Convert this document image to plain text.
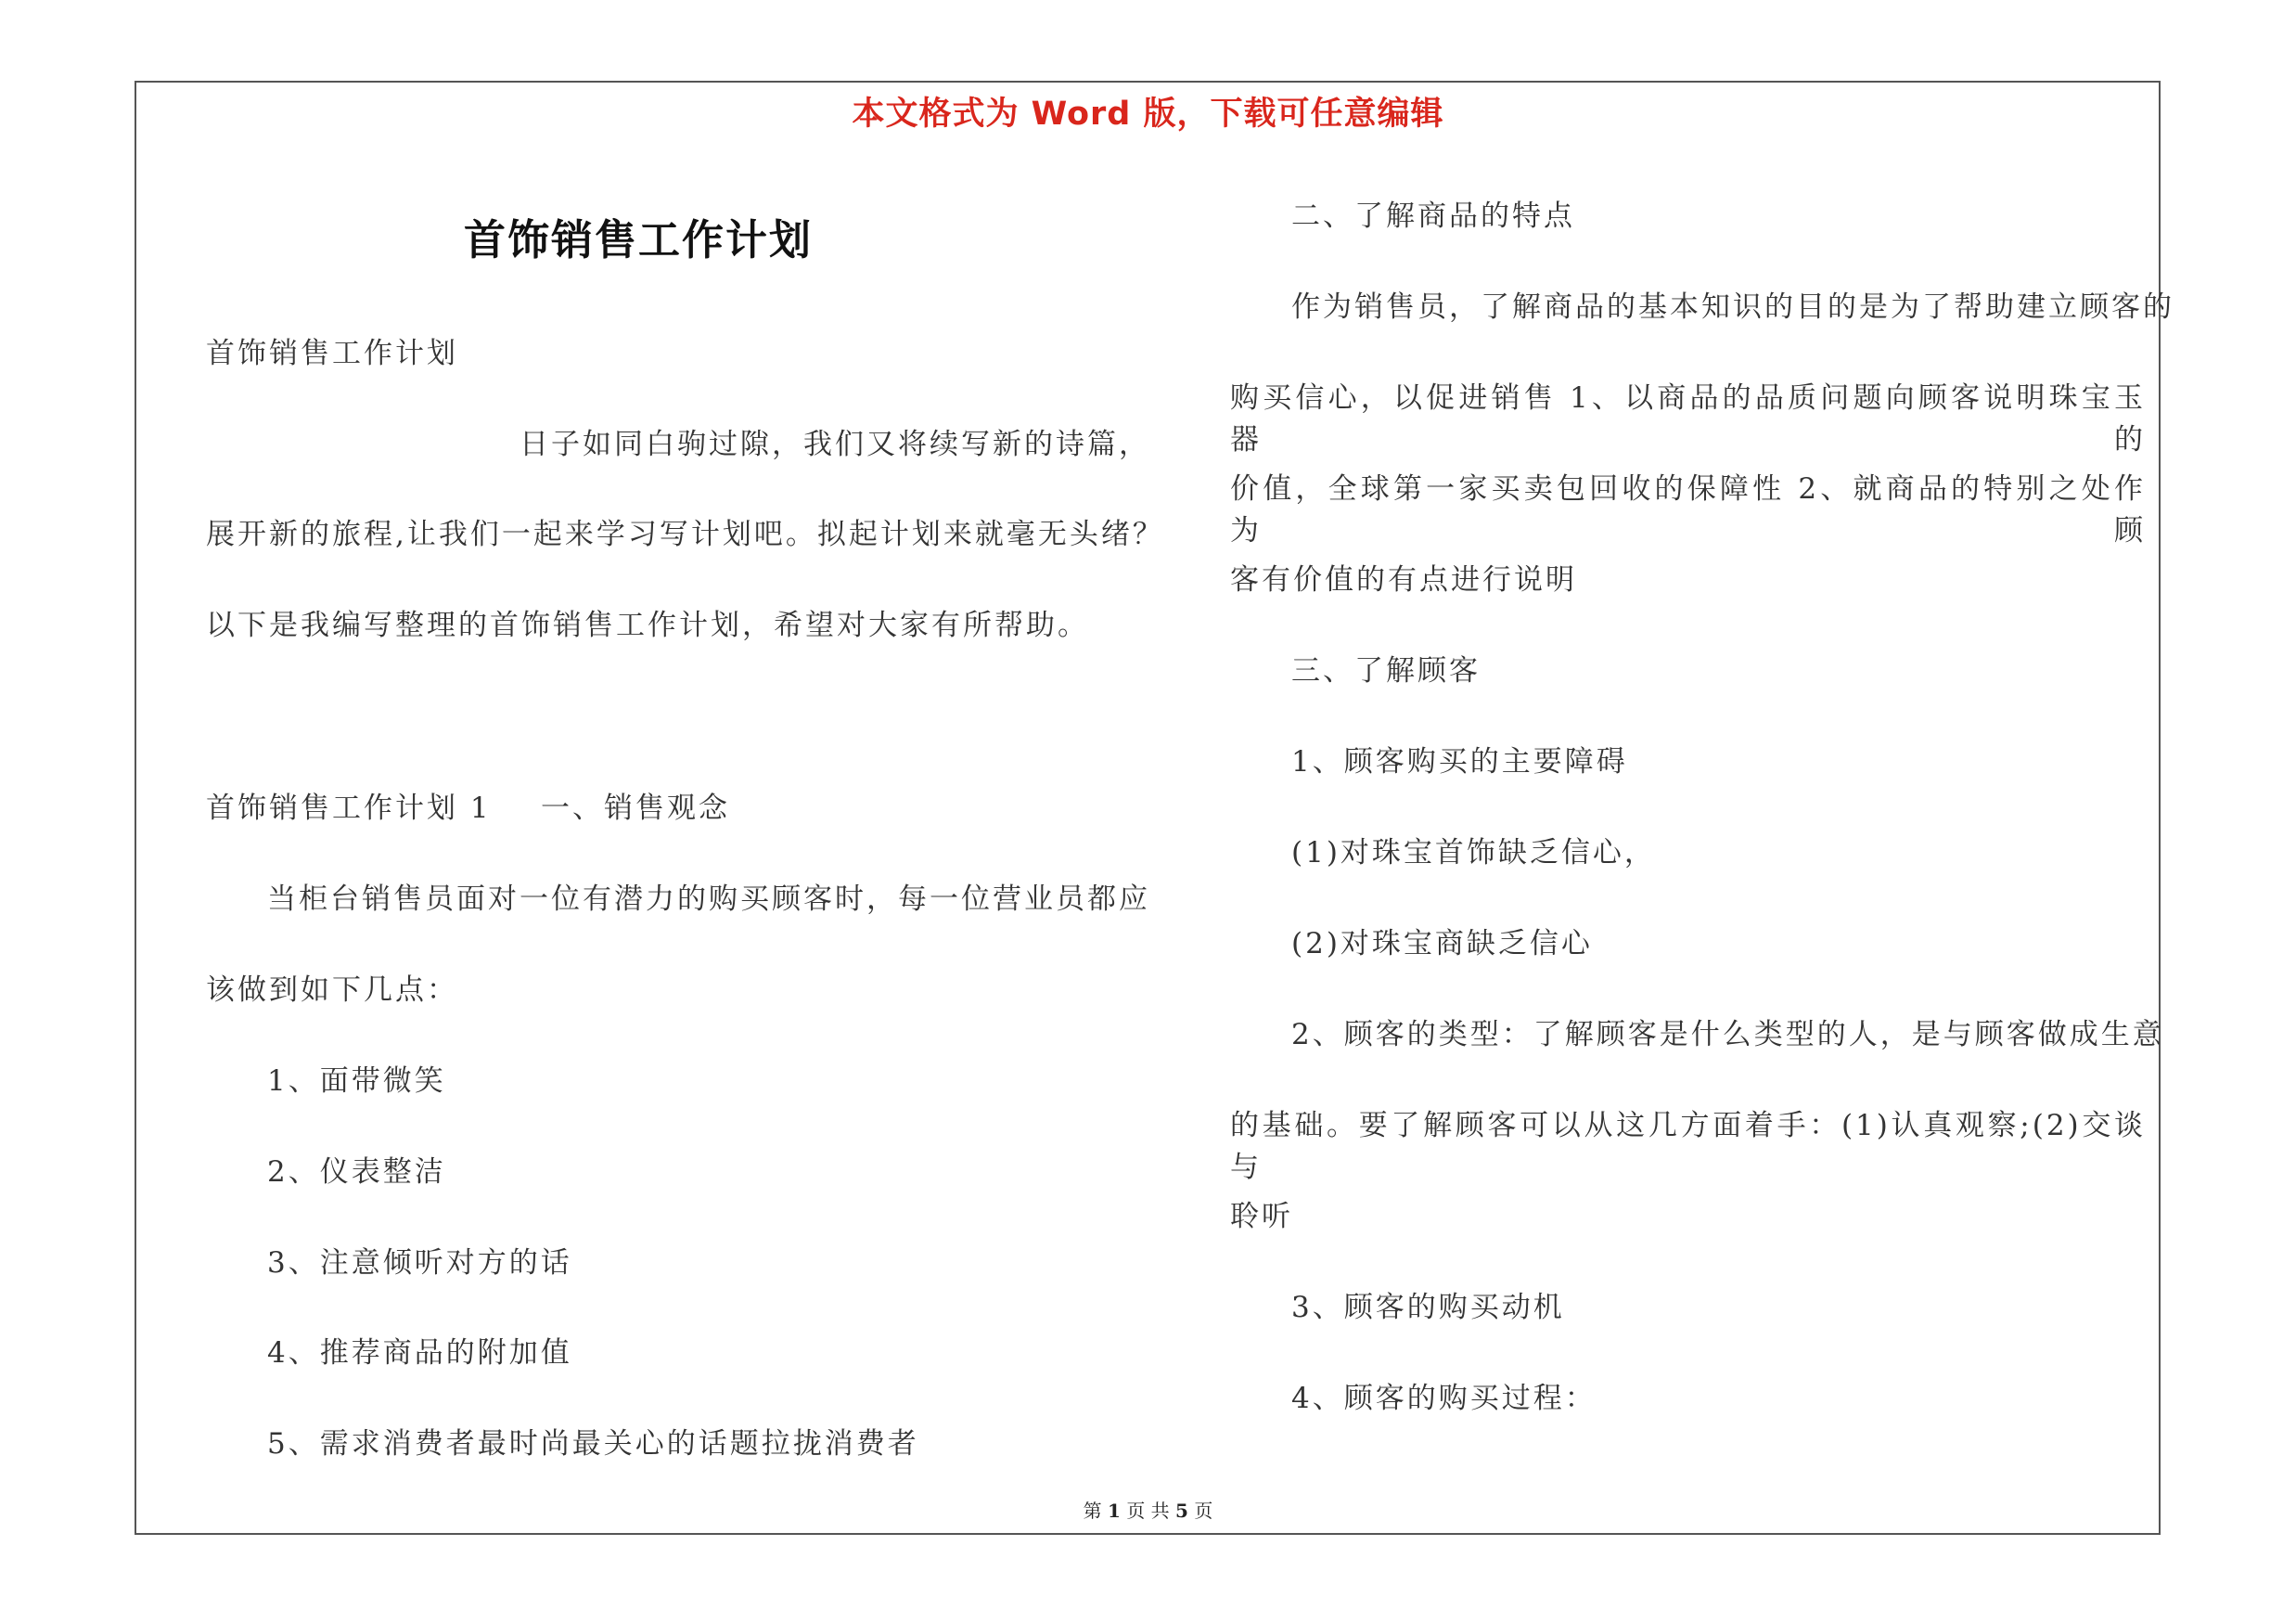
本文格式为 Word 版，下载可任意编辑
首饰销售工作计划
首饰销售工作计划
日子如同白驹过隙，我们又将续写新的诗篇，
展开新的旅程,让我们一起来学习写计划吧。拟起计划来就毫无头绪？
以下是我编写整理的首饰销售工作计划，希望对大家有所帮助。
首饰销售工作计划 1 一、销售观念
当柜台销售员面对一位有潜力的购买顾客时，每一位营业员都应
该做到如下几点：
1、面带微笑
2、仪表整洁
3、注意倾听对方的话
4、推荐商品的附加值
5、需求消费者最时尚最关心的话题拉拢消费者
二、了解商品的特点
作为销售员，了解商品的基本知识的目的是为了帮助建立顾客的
购买信心，以促进销售 1、以商品的品质问题向顾客说明珠宝玉器的
价值，全球第一家买卖包回收的保障性 2、就商品的特别之处作为顾
客有价值的有点进行说明
三、了解顾客
1、顾客购买的主要障碍
(1)对珠宝首饰缺乏信心，
(2)对珠宝商缺乏信心
2、顾客的类型：了解顾客是什么类型的人，是与顾客做成生意
的基础。要了解顾客可以从这几方面着手：(1)认真观察;(2)交谈与
聆听
3、顾客的购买动机
4、顾客的购买过程：
第 1 页 共 5 页
